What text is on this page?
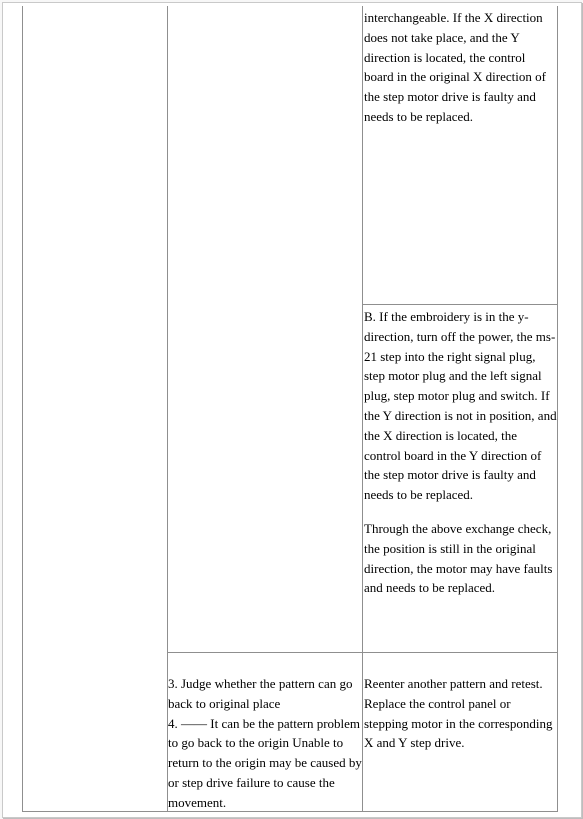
interchangeable. If the X direction does not take place, and the Y direction is located, the control board in the original X direction of the step motor drive is faulty and needs to be replaced.

B. If the embroidery is in the y-direction, turn off the power, the ms-21 step into the right signal plug, step motor plug and the left signal plug, step motor plug and switch. If the Y direction is not in position, and the X direction is located, the control board in the Y direction of the step motor drive is faulty and needs to be replaced.

Through the above exchange check, the position is still in the original direction, the motor may have faults and needs to be replaced.

3. Judge whether the pattern can go back to original place

4. —— It can be the pattern problem to go back to the origin Unable to return to the origin may be caused by or step drive failure to cause the movement.

Reenter another pattern and retest.

Replace the control panel or stepping motor in the corresponding X and Y step drive.
